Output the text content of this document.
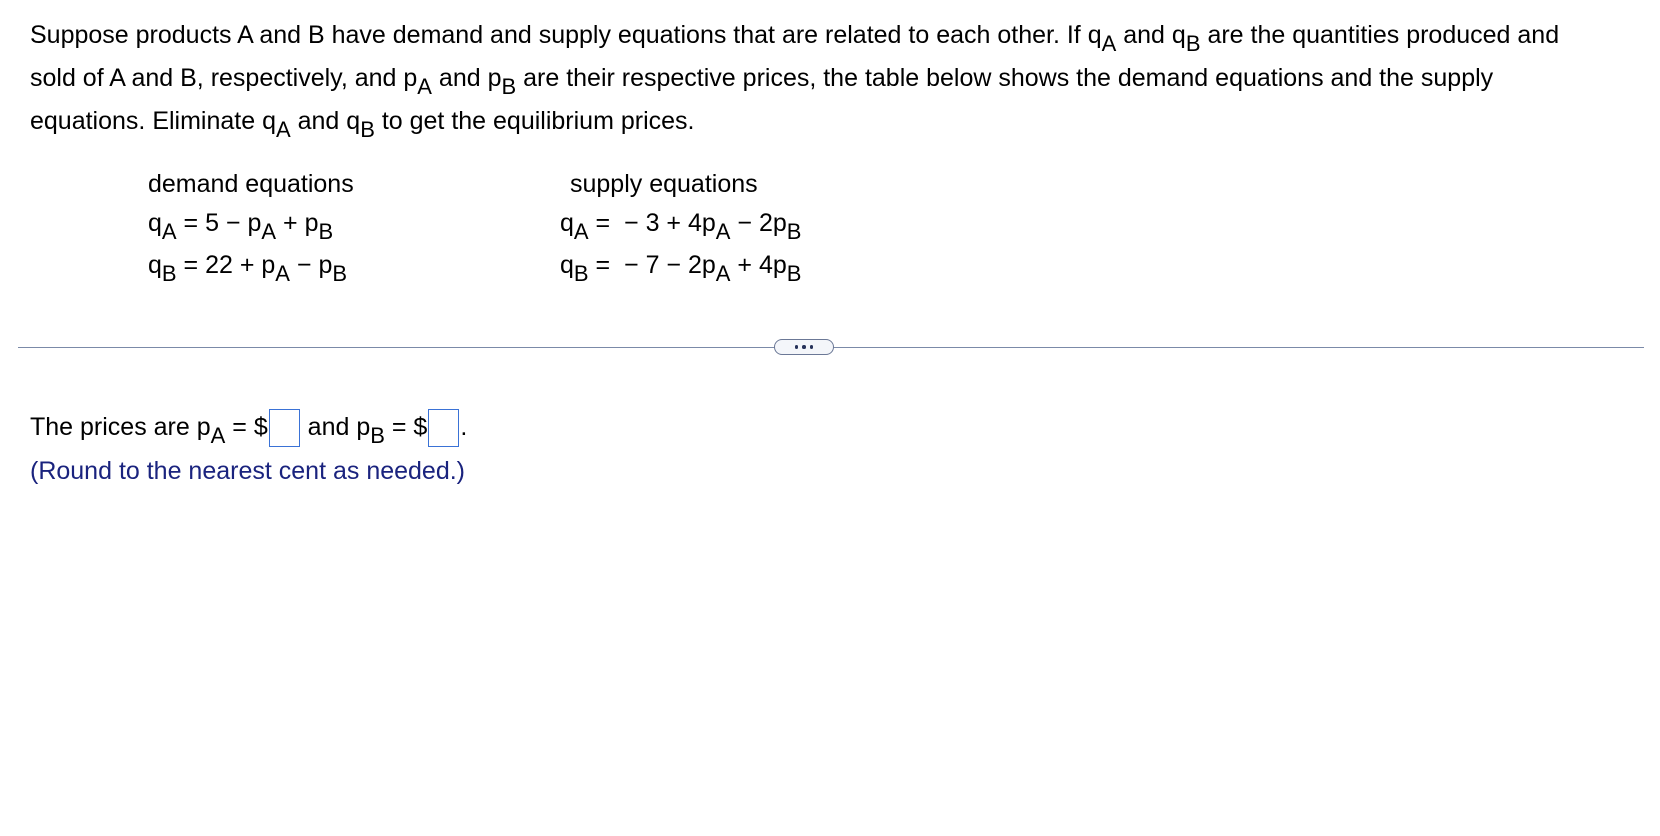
Suppose products A and B have demand and supply equations that are related to each other. If $q_A$ and $q_B$ are the quantities produced and

sold of A and B, respectively, and $p_A$ and $p_B$ are their respective prices, the table below shows the demand equations and the supply

equations. Eliminate $q_A$ and $q_B$ to get the equilibrium prices.

demand equations
$q_A = 5 - p_A + p_B$
$q_B = 22 + p_A - p_B$
supply equations
$q_A$ =  − $3 + 4p_A - 2p_B$
$q_B$ =  − $7 - 2p_A + 4p_B$
The prices are $p_A$ = $ and $p_B$ = $ .
(Round to the nearest cent as needed.)
